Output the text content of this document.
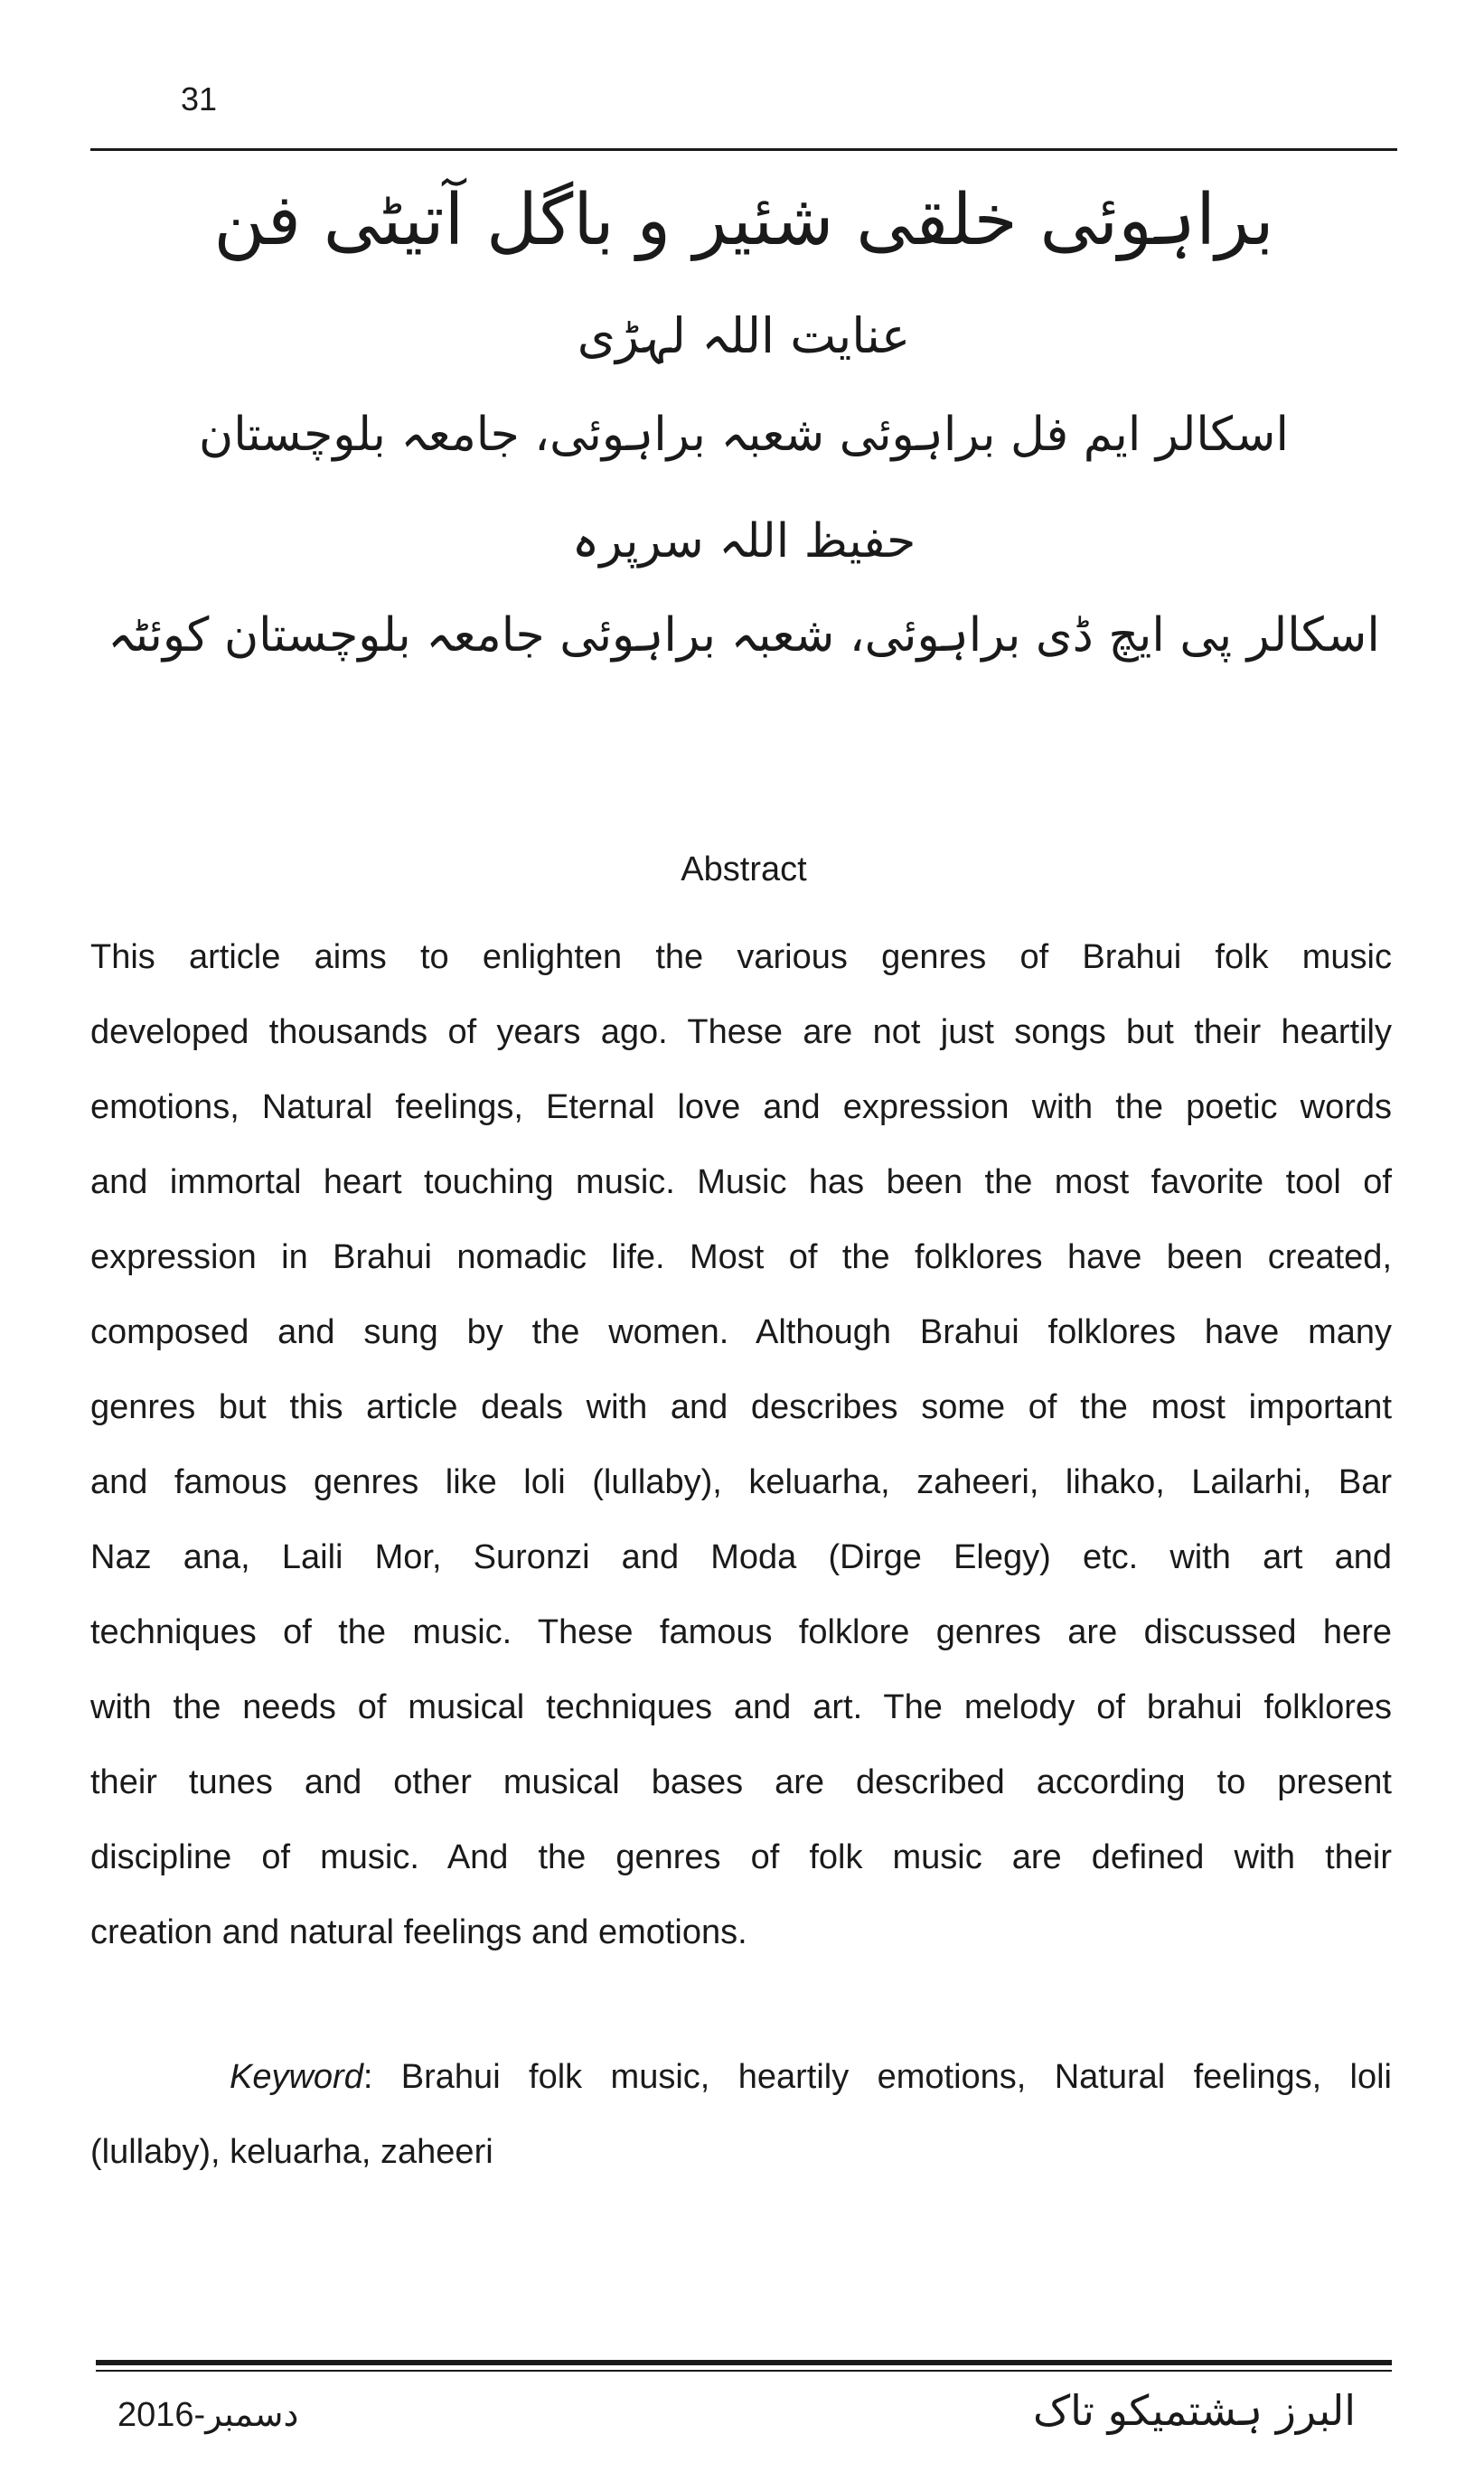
31
براہوئی خلقی شئیر و باگل آتیٹی فن
عنایت اللہ لہڑی
اسکالر ایم فل براہوئی شعبہ براہوئی، جامعہ بلوچستان
حفیظ اللہ سرپرہ
اسکالر پی ایچ ڈی براہوئی، شعبہ براہوئی جامعہ بلوچستان کوئٹہ
Abstract
This article aims to enlighten the various genres of Brahui folk music
developed thousands of years ago. These are not just songs but their heartily
emotions, Natural feelings, Eternal love and expression with the poetic words
and immortal heart touching music. Music has been the most favorite tool of
expression in Brahui nomadic life. Most of the folklores have been created,
composed and sung by the women. Although Brahui folklores have many
genres but this article deals with and describes some of the most important
and famous genres like loli (lullaby), keluarha, zaheeri, lihako, Lailarhi, Bar
Naz ana, Laili Mor, Suronzi and Moda (Dirge Elegy) etc. with art and
techniques of the music. These famous folklore genres are discussed here
with the needs of musical techniques and art. The melody of brahui folklores
their tunes and other musical bases are described according to present
discipline of music. And the genres of folk music are defined with their
creation and natural feelings and emotions.
Keyword: Brahui folk music, heartily emotions, Natural feelings, loli
(lullaby), keluarha, zaheeri
2016-دسمبر	البرز ہشتمیکو تاک
